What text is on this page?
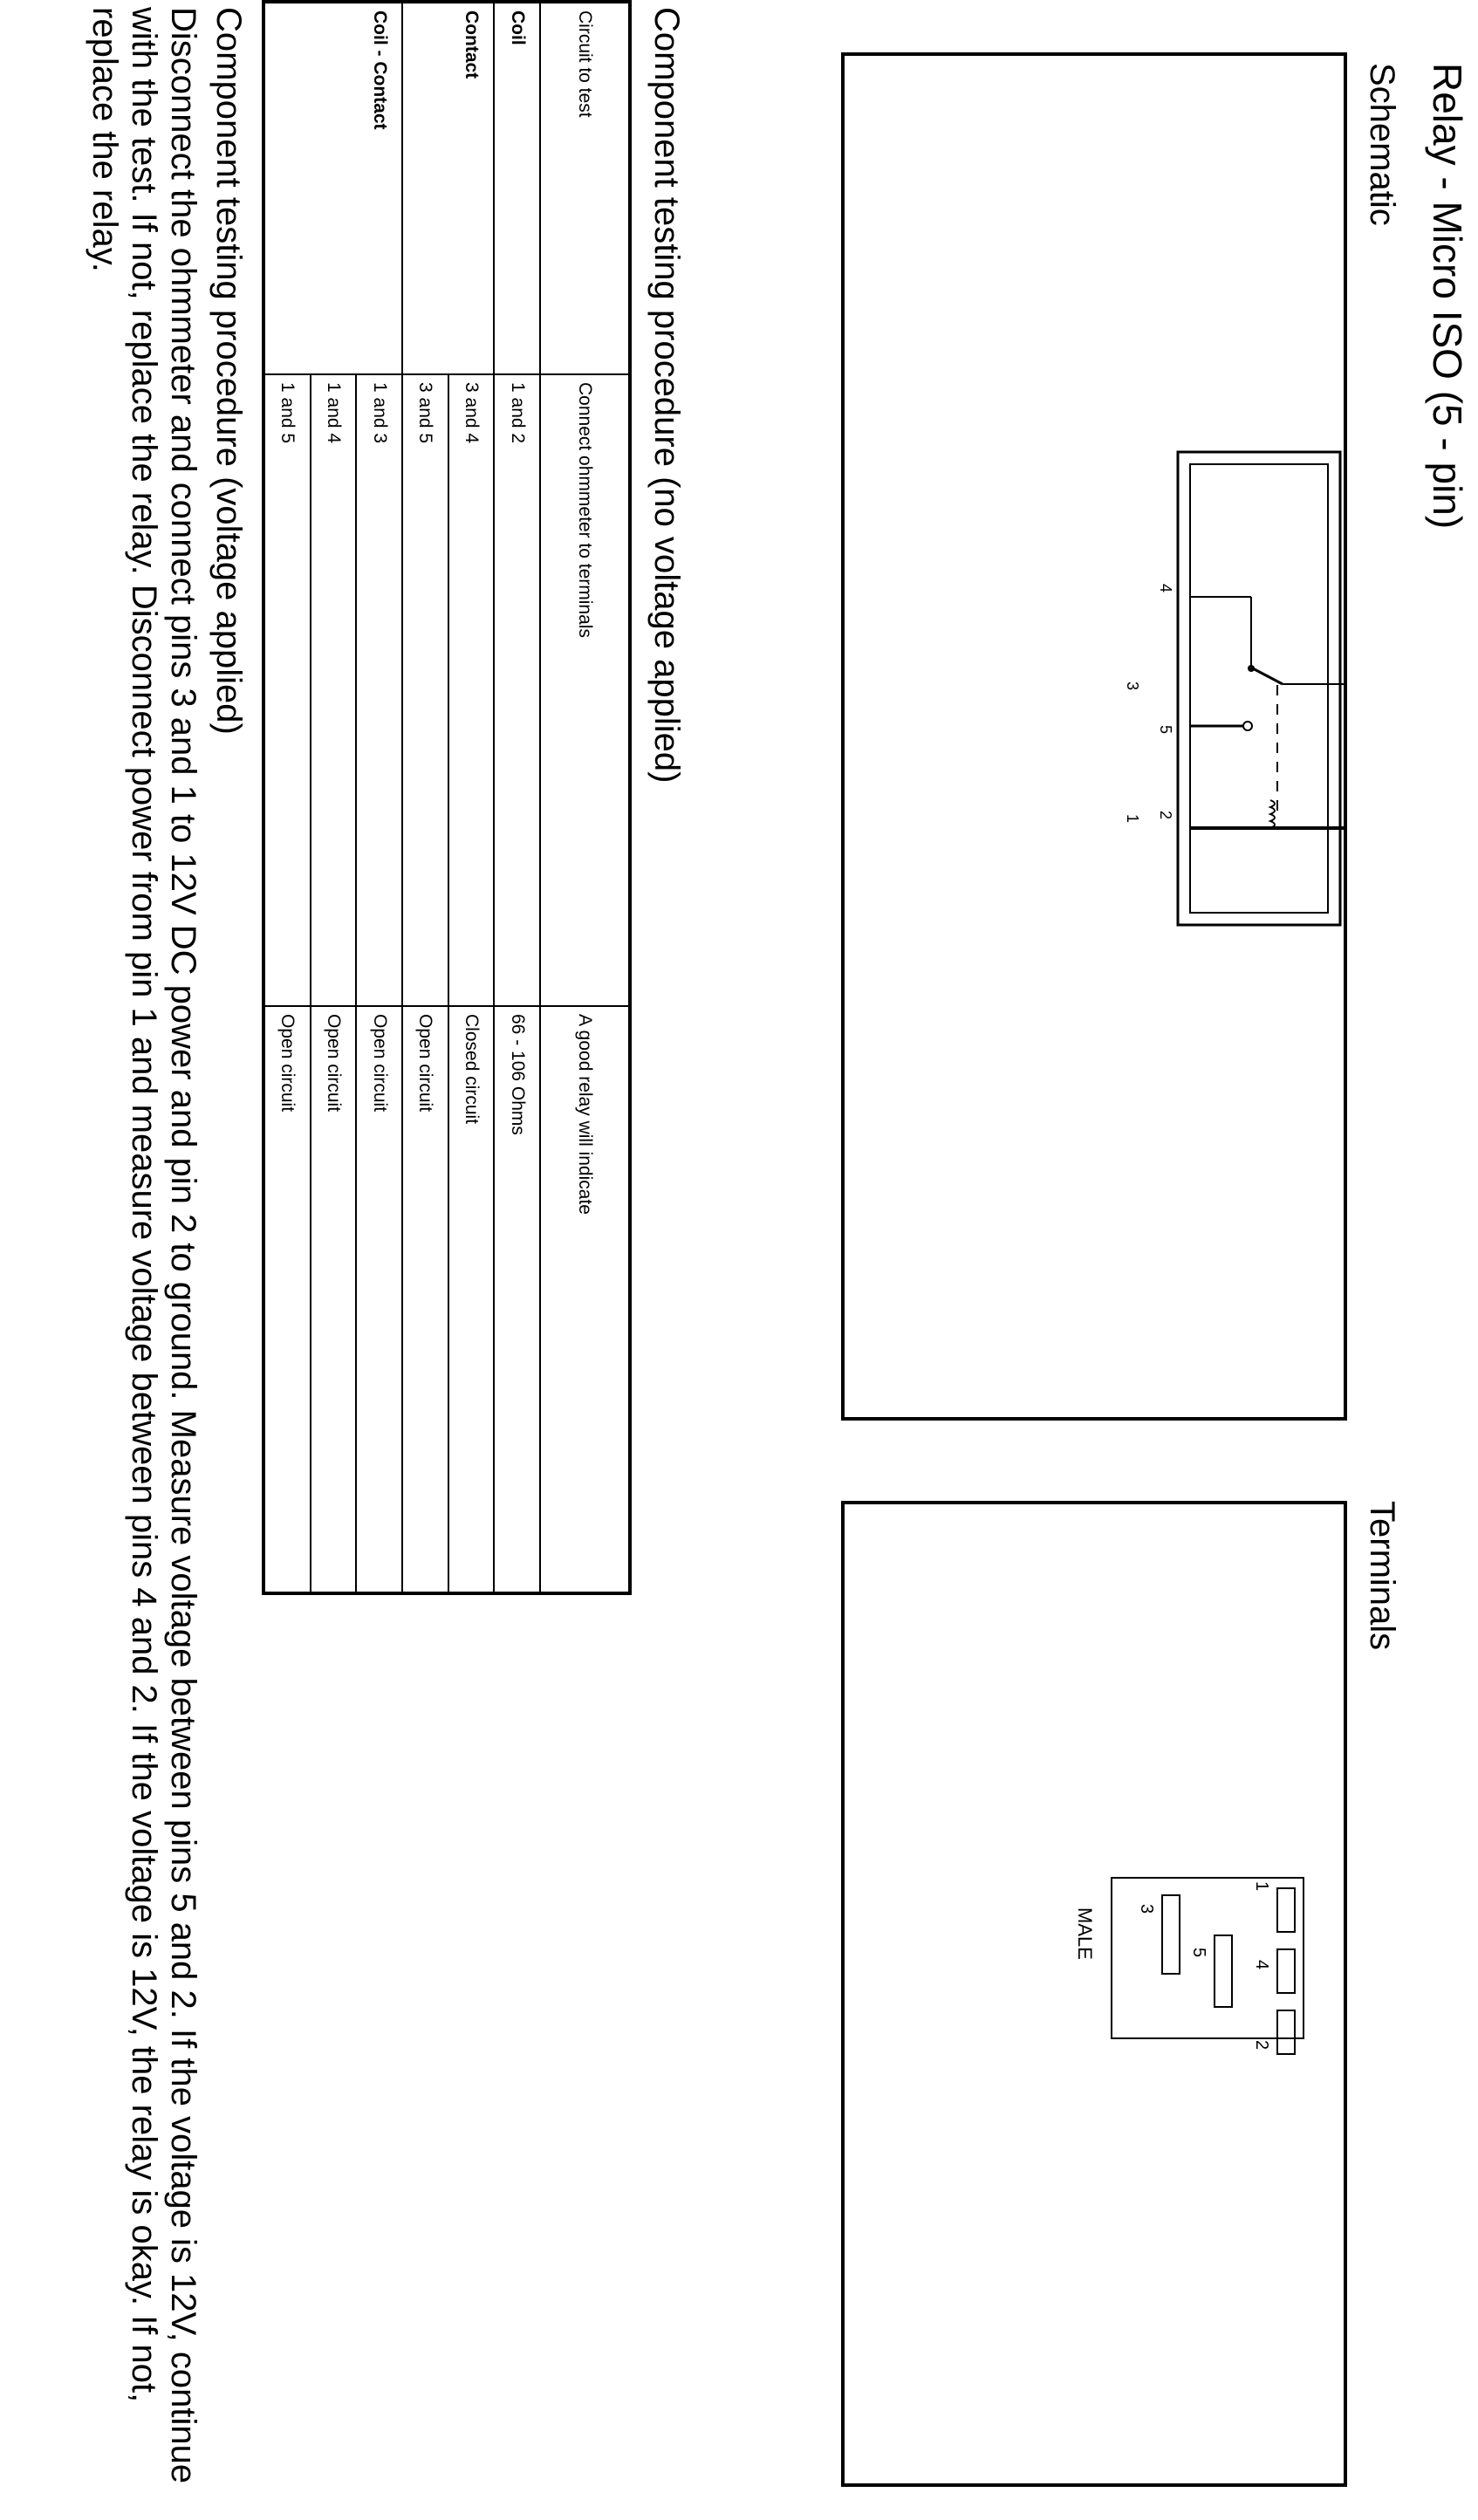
Relay - Micro ISO (5 - pin)
Schematic
1 2
3
4
5
Terminals
1
2
3
4
5
MALE
Component testing procedure (no voltage applied)
Circuit to test
Connect ohmmeter to terminals
A good relay will indicate
Coil
1 and 2
66 - 106 Ohms
Contact
3 and 4
Closed circuit
3 and 5
Open circuit
Coil - Contact
1 and 3
Open circuit
1 and 4
Open circuit
1 and 5
Open circuit
Component testing procedure (voltage applied)

Disconnect the ohmmeter and connect pins 3 and 1 to 12V DC power and pin 2 to ground. Measure voltage between pins 5 and 2. If the voltage is 12V, continue with the test. If not, replace the relay. Disconnect power from pin 1 and measure voltage between pins 4 and 2. If the voltage is 12V, the relay is okay. If not, replace the relay.
